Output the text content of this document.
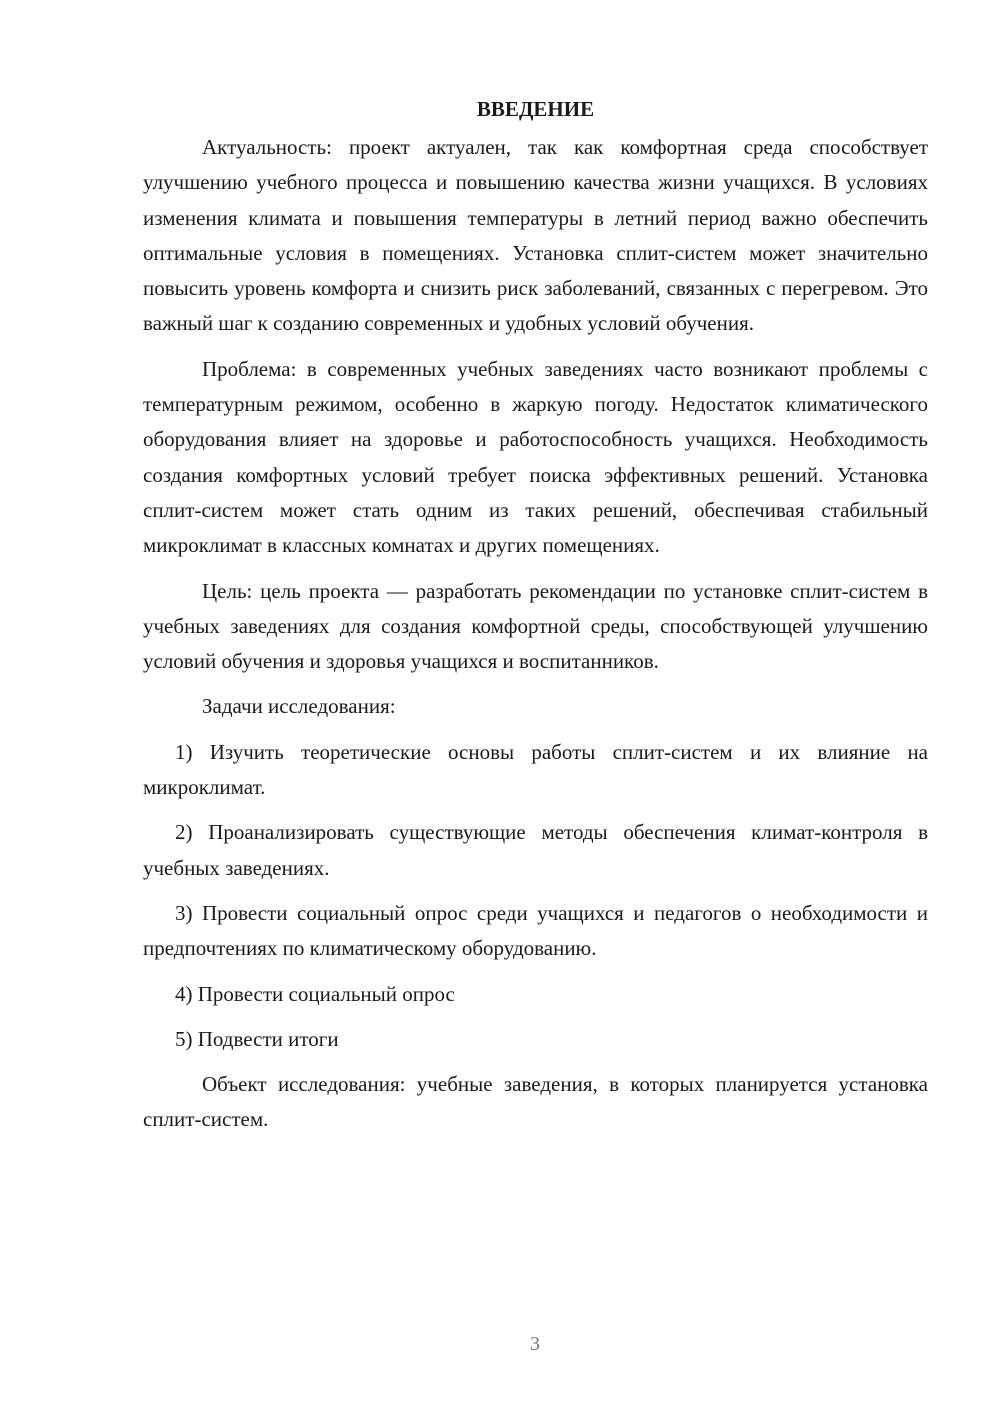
ВВЕДЕНИЕ

Актуальность: проект актуален, так как комфортная среда способствует улучшению учебного процесса и повышению качества жизни учащихся. В условиях изменения климата и повышения температуры в летний период важно обеспечить оптимальные условия в помещениях. Установка сплит-систем может значительно повысить уровень комфорта и снизить риск заболеваний, связанных с перегревом. Это важный шаг к созданию современных и удобных условий обучения.

Проблема: в современных учебных заведениях часто возникают проблемы с температурным режимом, особенно в жаркую погоду. Недостаток климатического оборудования влияет на здоровье и работоспособность учащихся. Необходимость создания комфортных условий требует поиска эффективных решений. Установка сплит-систем может стать одним из таких решений, обеспечивая стабильный микроклимат в классных комнатах и других помещениях.

Цель: цель проекта — разработать рекомендации по установке сплит-систем в учебных заведениях для создания комфортной среды, способствующей улучшению условий обучения и здоровья учащихся и воспитанников.

Задачи исследования:

1) Изучить теоретические основы работы сплит-систем и их влияние на микроклимат.

2) Проанализировать существующие методы обеспечения климат-контроля в учебных заведениях.

3) Провести социальный опрос среди учащихся и педагогов о необходимости и предпочтениях по климатическому оборудованию.

4) Провести социальный опрос

5) Подвести итоги

Объект исследования: учебные заведения, в которых планируется установка сплит-систем.

3
